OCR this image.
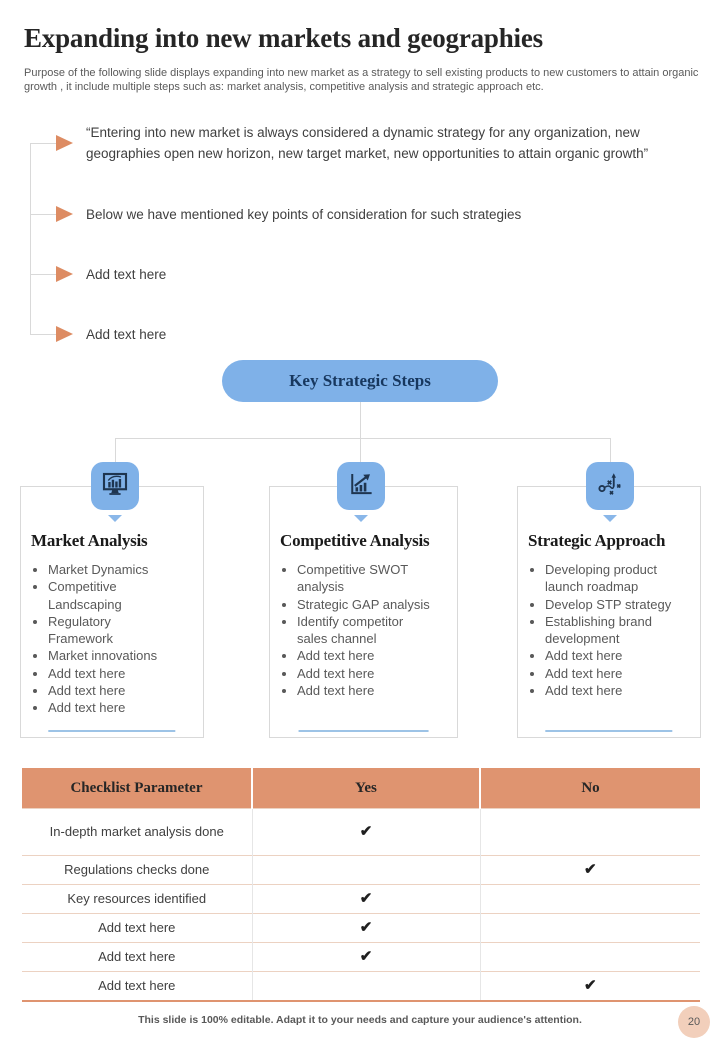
Expanding into new markets and geographies

Purpose of the following slide displays expanding into new market as a strategy to sell existing products to new customers to attain organic growth , it include multiple steps such as: market analysis, competitive analysis and strategic approach etc.

“Entering into new market is always considered a dynamic strategy for any organization, new geographies open new horizon, new target market, new opportunities to attain organic growth”
Below we have mentioned key points of consideration for such strategies
Add text here
Add text here
Key Strategic Steps
Market Analysis
• Market Dynamics
• Competitive Landscaping
• Regulatory Framework
• Market innovations
• Add text here
• Add text here
• Add text here
Competitive Analysis
• Competitive SWOT analysis
• Strategic GAP analysis
• Identify competitor sales channel
• Add text here
• Add text here
• Add text here
Strategic Approach
• Developing product launch roadmap
• Develop STP strategy
• Establishing brand development
• Add text here
• Add text here
• Add text here
Checklist Parameter	Yes	No
In-depth market analysis done	✔	
Regulations checks done		✔
Key resources identified	✔	
Add text here	✔	
Add text here	✔	
Add text here		✔
This slide is 100% editable. Adapt it to your needs and capture your audience's attention.	20
